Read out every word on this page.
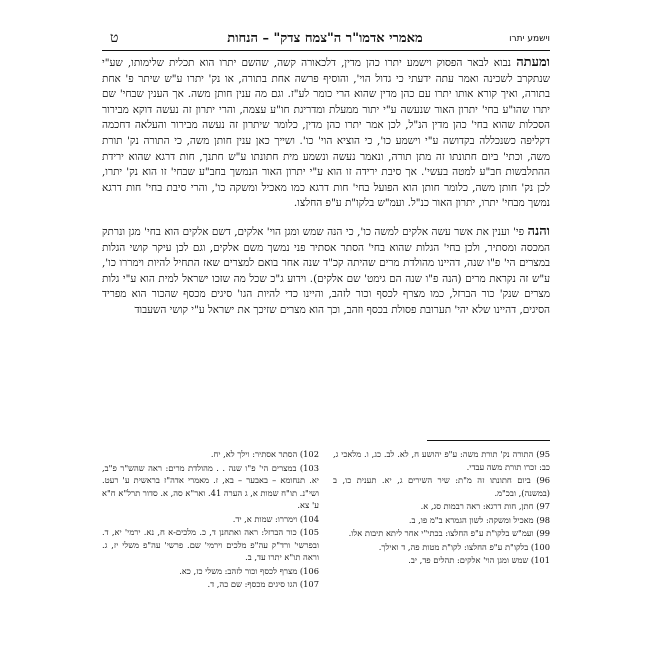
וישמע יתרו
מאמרי אדמו"ר ה"צמח צדק" – הנחות
ט

ומעתה נבוא לבאר הפסוק וישמע יתרו כהן מדין, דלכאורה קשה, שהשם יתרו הוא תכלית שלימותו, שע"י שנתקרב לשכינה ואמר עתה ידעתי כי גדול הוי', והוסיף פרשה אחת בתורה, או נק' יתרו ע"ש שיתר פ' אחת בתורה, ואיך קורא אותו יתרו עם כהן מדין שהוא הרי כומר לע"ז. וגם מה ענין חותן משה. אך הענין שבחי' שם יתרו שהו"ע בחי' יתרון האור שנעשה ע"י יתור ממעלת ומדריגת חו"ע עצמה, והרי יתרון זה נעשה דוקא מבירור הסכלות שהוא בחי' כהן מדין הנ"ל, לכן אמר יתרו כהן מדין, כלומר שיתרון זה נעשה מבירור והעלאה דחכמה דקליפה כשנכללה בקדושה ע"י וישמע כו', כי הוציא הוי' כו'. ושייך כאן ענין חותן משה, כי התורה נק' תורת משה, וכתי' ביום חתונתו זה מתן תורה, ונאמר נעשה ונשמע מית חתונתו ע"ש חתנך, חות דרגא שהוא ירידת ההתלבשות חב"ע למטה בעשי'. אך סיבת ירידה זו הוא ע"י יתרון האור הנמשך בחב"ע שבחי' זו הוא נק' יתרו, לכן נק' חותן משה, כלומר חותן הוא הפועל בחי' חות דרגא כמו מאכיל ומשקה כו', והרי סיבת בחי' חות דרגא נמשך מבחי' יתרו, יתרון האור כנ"ל. ועמ"ש בלקו"ת ע"פ החלצו.

והנה פי' וענין את אשר עשה אלקים למשה כו', כי הנה שמש ומגן הוי' אלקים, דשם אלקים הוא בחי' מגן ונרתק המכסה ומסתיר, ולכן בחי' הגלות שהוא בחי' הסתר אסתיר פני נמשך משם אלקים, וגם לכן עיקר קושי הגלות במצרים הי' פ"ו שנה, דהיינו מהולדת מרים שהיתה קכ"ד שנה אחר בואם למצרים שאז התחיל להיות וימררו כו', ע"ש זה נקראת מרים (הנה פ"ו שנה הם גימט' שם אלקים). וידוע ג"כ שכל מה שזכו ישראל למית הוא ע"י גלות מצרים שנק' כור הברזל, כמו מצרף לכסף וכור לזהב, והיינו כדי להיות הגו' סיגים מכסף שהכור הוא מפריד הסיגים, דהיינו שלא יהי' תערובת פסולת בכסף וזהב, וכך הוא מצרים שזיכך את ישראל ע"י קושי השעבוד

95) התורה נק' תורת משה: ע"פ יהושע ח, לא. לב. כג, ו. מלאכי ג, כב: זכרו תורת משה עבדי.
96) ביום חתונתו זה מ"ת: שיר השירים ג, יא. תענית כו, ב (במשנה), ובכ"מ.
97) חתן, חות דרגא: ראה רבמות סג, א.
98) מאכיל ומשקה: לשון הגמרא ב"מ פו, ב.
99) ועמ"ש בלקו"ת ע"פ החלצו: בכתי"י אחר ליתא תיבות אלו.
100) בלקו"ת ע"פ החלצו: לקו"ת מטות פה, ד ואילך.
101) שמש ומגן הוי' אלקים: תהלים פד, יב.
102) הסתר אסתיר: וילך לא, יח.
103) במצרים הי' פ"ו שנה . . מהולדת מרים: ראה שהש"ר פ"ב, יא. תנחומא – באבער – בא, ז. מאמרי אדה"ז בראשית ע' רעט. ושי"נ. תו"ח שמות א, ג הערה 41. ואר"א סה, א. סדור תרל"א ח"א ע' צא.
104) וימררו: שמות א, יד.
105) כור הברזל: ראה ואתחנן ד, כ. מלכים-א ח, נא. ירמי' יא, ד. ובפרשי' ורד"ק עה"פ מלכים וירמי' שם. פרשי' עה"פ משלי יז, ג. וראה תו"א יתרו עד, ב.
106) מצרף לכסף וכור לזהב: משלי כז, כא.
107) הגו סיגים מכסף: שם כה, ד.
